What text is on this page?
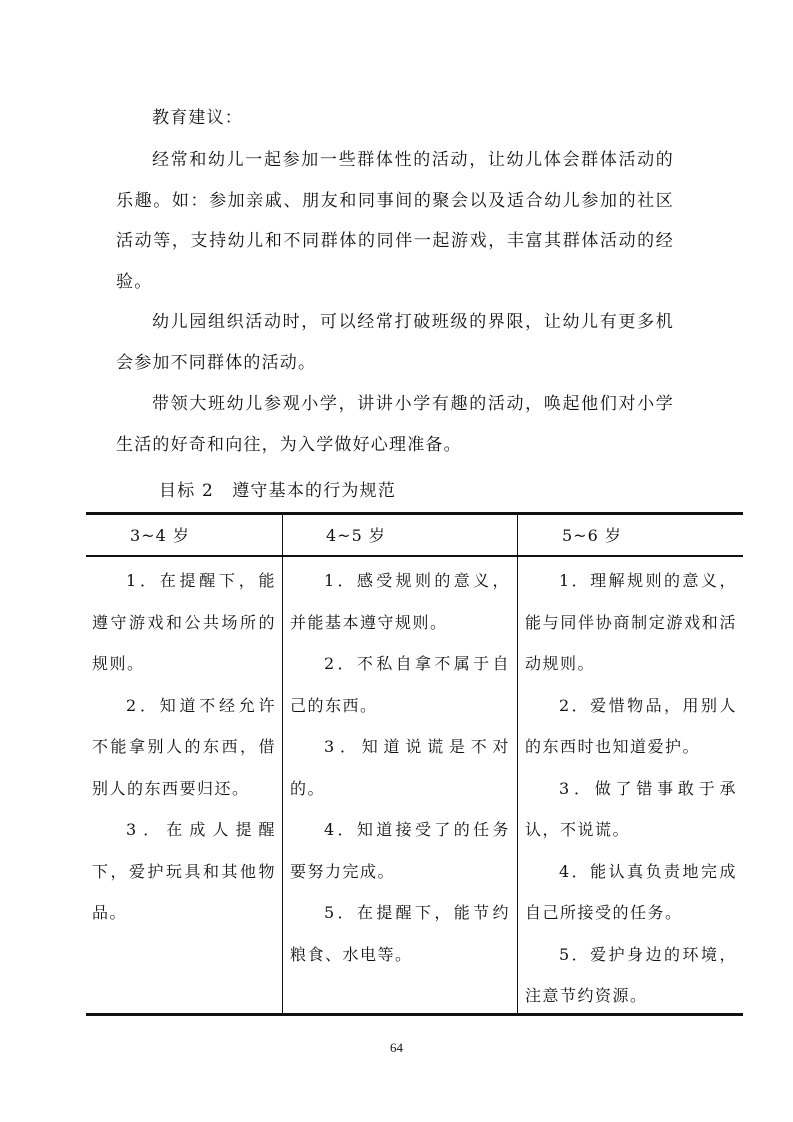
教育建议：

经常和幼儿一起参加一些群体性的活动，让幼儿体会群体活动的乐趣。如：参加亲戚、朋友和同事间的聚会以及适合幼儿参加的社区活动等，支持幼儿和不同群体的同伴一起游戏，丰富其群体活动的经验。

幼儿园组织活动时，可以经常打破班级的界限，让幼儿有更多机会参加不同群体的活动。

带领大班幼儿参观小学，讲讲小学有趣的活动，唤起他们对小学生活的好奇和向往，为入学做好心理准备。

目标 2　遵守基本的行为规范
3~4 岁	4~5 岁	5~6 岁

1．在提醒下，能遵守游戏和公共场所的规则。

2．知道不经允许不能拿别人的东西，借别人的东西要归还。

3．在成人提醒下，爱护玩具和其他物品。

1．感受规则的意义，并能基本遵守规则。

2．不私自拿不属于自己的东西。

3．知道说谎是不对的。

4．知道接受了的任务要努力完成。

5．在提醒下，能节约粮食、水电等。

1．理解规则的意义，能与同伴协商制定游戏和活动规则。

2．爱惜物品，用别人的东西时也知道爱护。

3．做了错事敢于承认，不说谎。

4．能认真负责地完成自己所接受的任务。

5．爱护身边的环境，注意节约资源。

64
